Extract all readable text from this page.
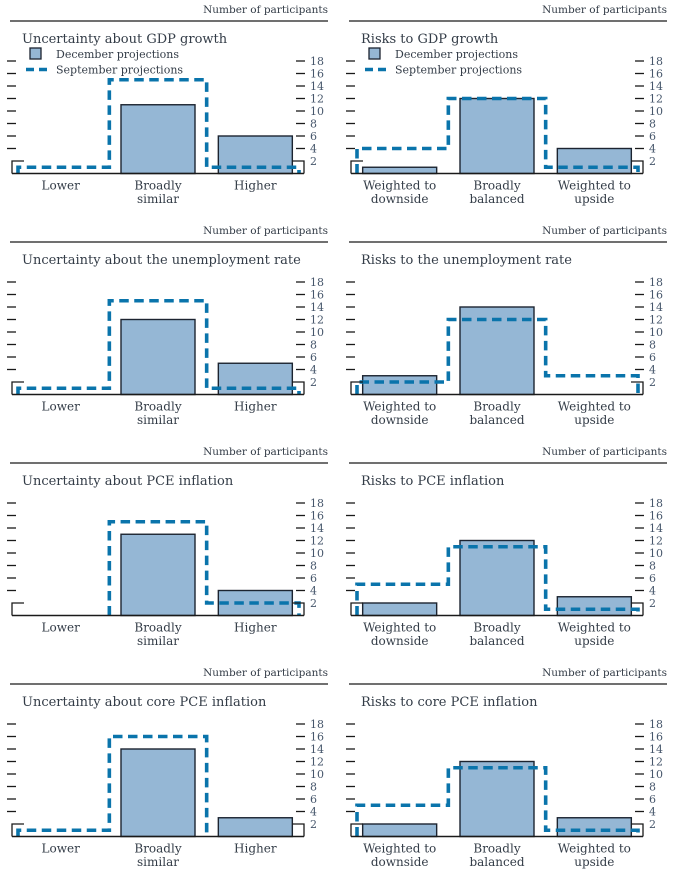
Number of participants
Uncertainty about GDP growth
December projections
September projections
2
4
6
8
10
12
14
16
18
Lower	Broadly
similar
Higher
Number of participants
Risks to GDP growth
December projections
September projections
2
4
6
8
10
12
14
16
18
Weighted to
downside
Broadly
balanced
Weighted to
upside
Number of participants
Uncertainty about the unemployment rate
2
4
6
8
10
12
14
16
18
Lower	Broadly
similar
Higher
Number of participants
Risks to the unemployment rate
2
4
6
8
10
12
14
16
18
Weighted to
downside
Broadly
balanced
Weighted to
upside
Number of participants
Uncertainty about PCE inflation
2
4
6
8
10
12
14
16
18
Lower	Broadly
similar
Higher
Number of participants
Risks to PCE inflation
2
4
6
8
10
12
14
16
18
Weighted to
downside
Broadly
balanced
Weighted to
upside
Number of participants
Uncertainty about core PCE inflation
2
4
6
8
10
12
14
16
18
Lower	Broadly
similar
Higher
Number of participants
Risks to core PCE inflation
2
4
6
8
10
12
14
16
18
Weighted to
downside
Broadly
balanced
Weighted to
upside
